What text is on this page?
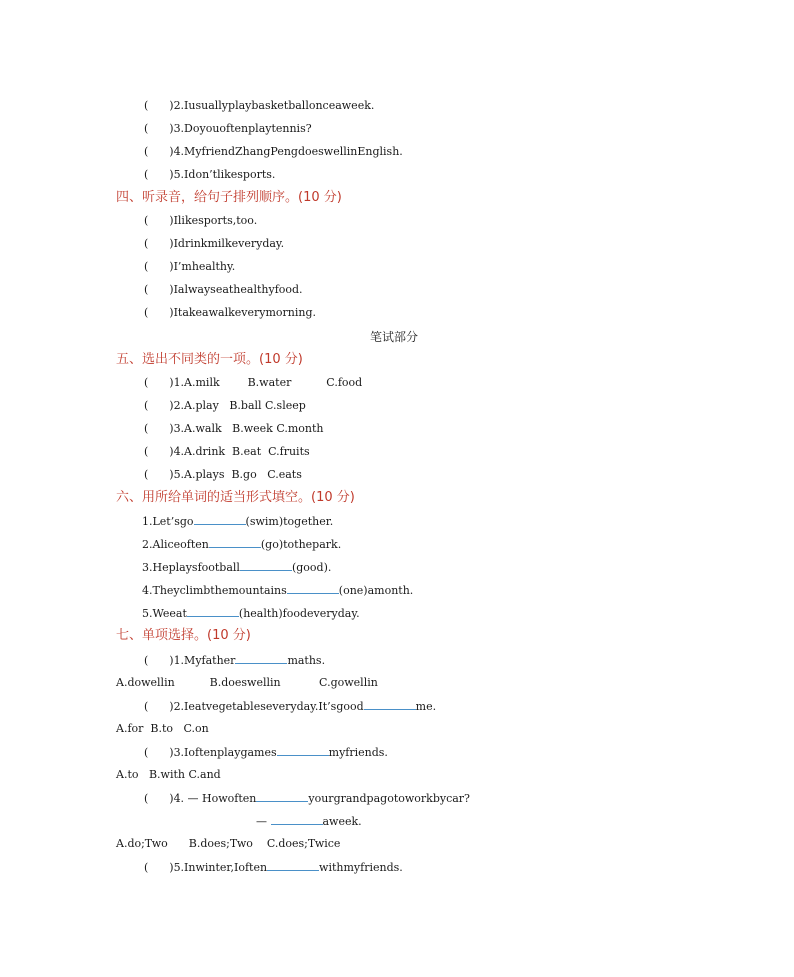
(      )2.Iusuallyplaybasketballonceaweek.
(      )3.Doyouoftenplaytennis?
(      )4.MyfriendZhangPengdoeswellinEnglish.
(      )5.Idon’tlikesports.
四、听录音，给句子排列顺序。(10 分)
(      )Ilikesports,too.
(      )Idrinkmilkeveryday.
(      )I’mhealthy.
(      )Ialwayseathealthyfood.
(      )Itakeawalkeverymorning.
笔试部分
五、选出不同类的一项。(10 分)
(      )1.A.milk        B.water          C.food
(      )2.A.play   B.ball C.sleep
(      )3.A.walk   B.week C.month
(      )4.A.drink  B.eat  C.fruits
(      )5.A.plays  B.go   C.eats
六、用所给单词的适当形式填空。(10 分)
1.Let’sgo	(swim)together.
2.Aliceoften	(go)tothepark.
3.Heplaysfootball	(good).
4.Theyclimbthemountains	(one)amonth.
5.Weeat	(health)foodeveryday.
七、单项选择。(10 分)
(      )1.Myfather	maths.
A.dowellin          B.doeswellin           C.gowellin
(      )2.Ieatvegetableseveryday.It’sgood	me.
A.for  B.to   C.on
(      )3.Ioftenplaygames	myfriends.
A.to   B.with C.and
(      )4. — Howoften	yourgrandpagotoworkbycar?
—	aweek.
A.do;Two      B.does;Two    C.does;Twice
(      )5.Inwinter,Ioften	withmyfriends.
